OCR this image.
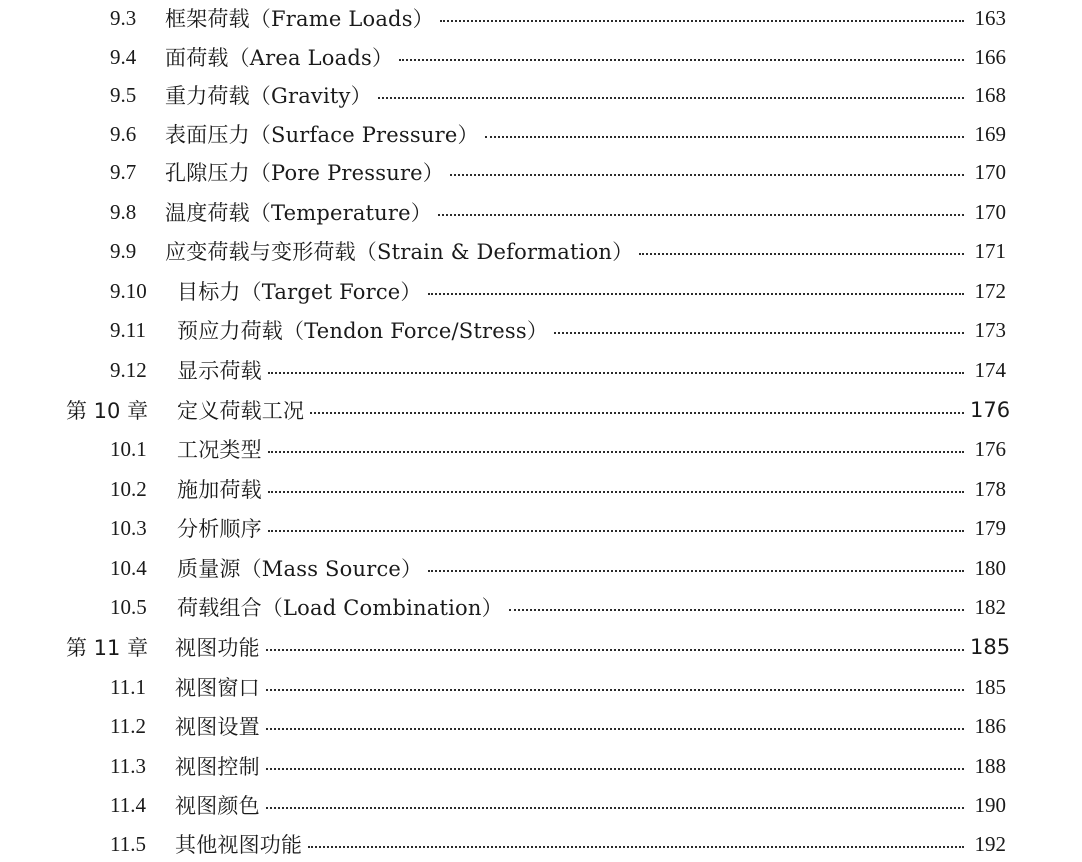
9.3 框架荷载（Frame Loads）	163
9.4 面荷载（Area Loads）	166
9.5 重力荷载（Gravity）	168
9.6 表面压力（Surface Pressure）	169
9.7 孔隙压力（Pore Pressure）	170
9.8 温度荷载（Temperature）	170
9.9 应变荷载与变形荷载（Strain & Deformation）	171
9.10 目标力（Target Force）	172
9.11 预应力荷载（Tendon Force/Stress）	173
9.12 显示荷载	174
第 10 章 定义荷载工况	176
10.1 工况类型	176
10.2 施加荷载	178
10.3 分析顺序	179
10.4 质量源（Mass Source）	180
10.5 荷载组合（Load Combination）	182
第 11 章 视图功能	185
11.1 视图窗口	185
11.2 视图设置	186
11.3 视图控制	188
11.4 视图颜色	190
11.5 其他视图功能	192
